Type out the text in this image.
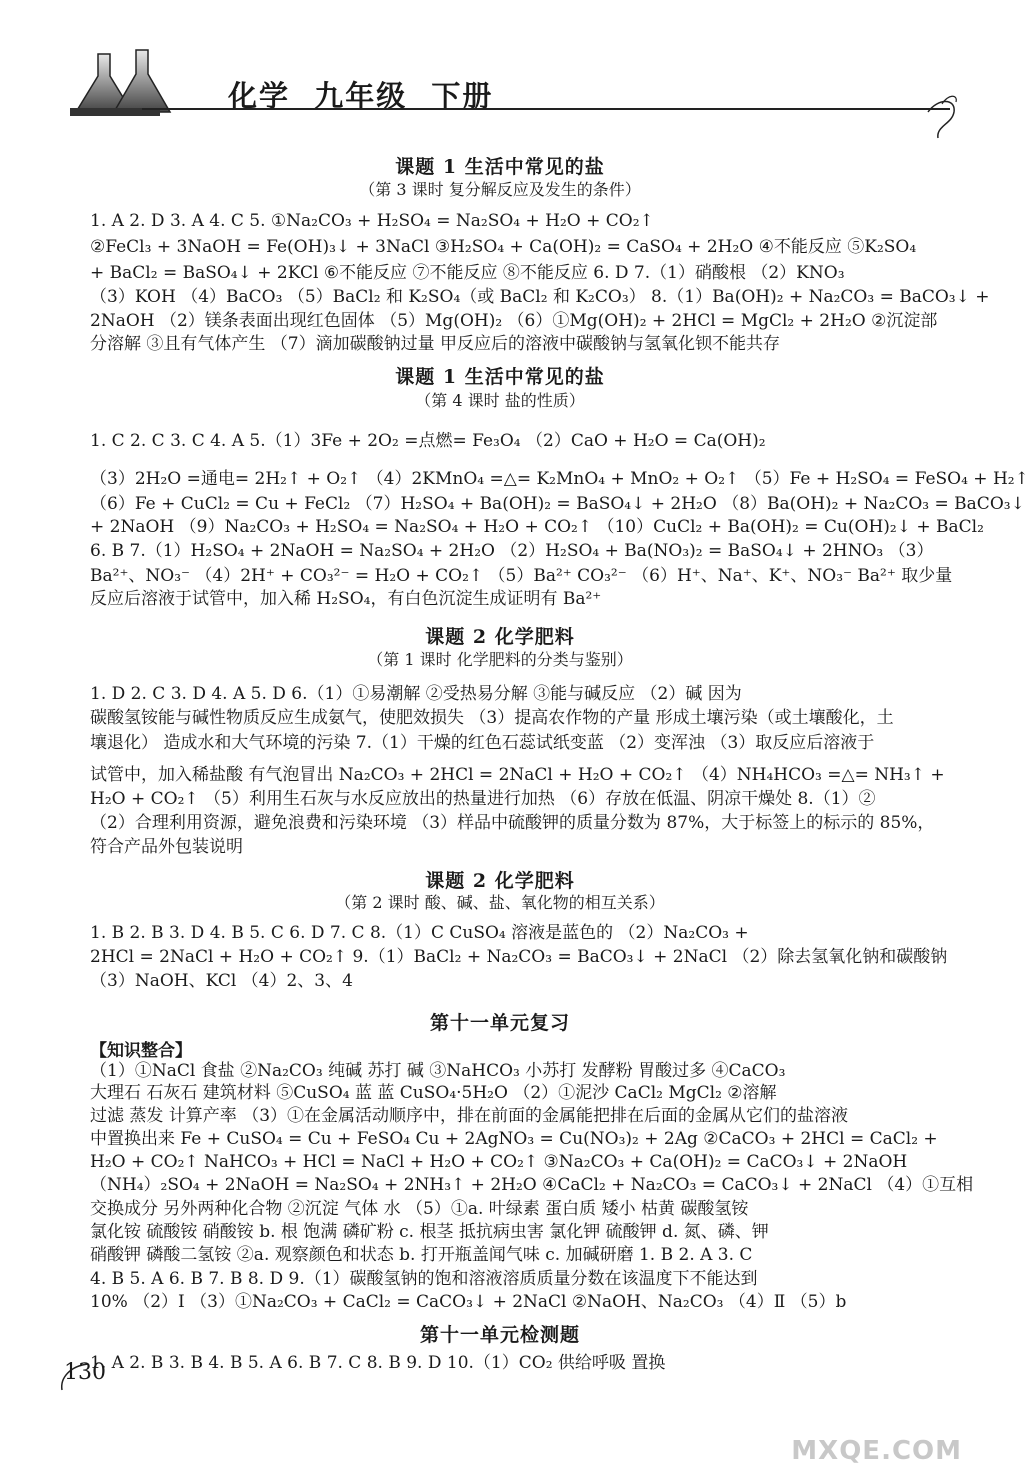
化学  九年级  下册
课题 1 生活中常见的盐
（第 3 课时 复分解反应及发生的条件）
1. A 2. D 3. A 4. C 5. ①Na₂CO₃ + H₂SO₄ = Na₂SO₄ + H₂O + CO₂↑
②FeCl₃ + 3NaOH = Fe(OH)₃↓ + 3NaCl ③H₂SO₄ + Ca(OH)₂ = CaSO₄ + 2H₂O ④不能反应 ⑤K₂SO₄
+ BaCl₂ = BaSO₄↓ + 2KCl ⑥不能反应 ⑦不能反应 ⑧不能反应 6. D 7.（1）硝酸根 （2）KNO₃
（3）KOH （4）BaCO₃ （5）BaCl₂ 和 K₂SO₄（或 BaCl₂ 和 K₂CO₃） 8.（1）Ba(OH)₂ + Na₂CO₃ = BaCO₃↓ +
2NaOH （2）镁条表面出现红色固体 （5）Mg(OH)₂ （6）①Mg(OH)₂ + 2HCl = MgCl₂ + 2H₂O ②沉淀部
分溶解 ③且有气体产生 （7）滴加碳酸钠过量 甲反应后的溶液中碳酸钠与氢氧化钡不能共存
课题 1 生活中常见的盐
（第 4 课时 盐的性质）
1. C 2. C 3. C 4. A 5.（1）3Fe + 2O₂ =点燃= Fe₃O₄ （2）CaO + H₂O = Ca(OH)₂
（3）2H₂O =通电= 2H₂↑ + O₂↑ （4）2KMnO₄ =△= K₂MnO₄ + MnO₂ + O₂↑ （5）Fe + H₂SO₄ = FeSO₄ + H₂↑
（6）Fe + CuCl₂ = Cu + FeCl₂ （7）H₂SO₄ + Ba(OH)₂ = BaSO₄↓ + 2H₂O （8）Ba(OH)₂ + Na₂CO₃ = BaCO₃↓
+ 2NaOH （9）Na₂CO₃ + H₂SO₄ = Na₂SO₄ + H₂O + CO₂↑ （10）CuCl₂ + Ba(OH)₂ = Cu(OH)₂↓ + BaCl₂
6. B 7.（1）H₂SO₄ + 2NaOH = Na₂SO₄ + 2H₂O （2）H₂SO₄ + Ba(NO₃)₂ = BaSO₄↓ + 2HNO₃ （3）
Ba²⁺、NO₃⁻ （4）2H⁺ + CO₃²⁻ = H₂O + CO₂↑ （5）Ba²⁺ CO₃²⁻ （6）H⁺、Na⁺、K⁺、NO₃⁻ Ba²⁺ 取少量
反应后溶液于试管中，加入稀 H₂SO₄，有白色沉淀生成证明有 Ba²⁺
课题 2 化学肥料
（第 1 课时 化学肥料的分类与鉴别）
1. D 2. C 3. D 4. A 5. D 6.（1）①易潮解 ②受热易分解 ③能与碱反应 （2）碱 因为
碳酸氢铵能与碱性物质反应生成氨气，使肥效损失 （3）提高农作物的产量 形成土壤污染（或土壤酸化，土
壤退化） 造成水和大气环境的污染 7.（1）干燥的红色石蕊试纸变蓝 （2）变浑浊 （3）取反应后溶液于
试管中，加入稀盐酸 有气泡冒出 Na₂CO₃ + 2HCl = 2NaCl + H₂O + CO₂↑ （4）NH₄HCO₃ =△= NH₃↑ +
H₂O + CO₂↑ （5）利用生石灰与水反应放出的热量进行加热 （6）存放在低温、阴凉干燥处 8.（1）②
（2）合理利用资源，避免浪费和污染环境 （3）样品中硫酸钾的质量分数为 87%，大于标签上的标示的 85%，
符合产品外包装说明
课题 2 化学肥料
（第 2 课时 酸、碱、盐、氧化物的相互关系）
1. B 2. B 3. D 4. B 5. C 6. D 7. C 8.（1）C CuSO₄ 溶液是蓝色的 （2）Na₂CO₃ +
2HCl = 2NaCl + H₂O + CO₂↑ 9.（1）BaCl₂ + Na₂CO₃ = BaCO₃↓ + 2NaCl （2）除去氢氧化钠和碳酸钠
（3）NaOH、KCl （4）2、3、4
第十一单元复习
【知识整合】
（1）①NaCl 食盐 ②Na₂CO₃ 纯碱 苏打 碱 ③NaHCO₃ 小苏打 发酵粉 胃酸过多 ④CaCO₃
大理石 石灰石 建筑材料 ⑤CuSO₄ 蓝 蓝 CuSO₄·5H₂O （2）①泥沙 CaCl₂ MgCl₂ ②溶解
过滤 蒸发 计算产率 （3）①在金属活动顺序中，排在前面的金属能把排在后面的金属从它们的盐溶液
中置换出来 Fe + CuSO₄ = Cu + FeSO₄ Cu + 2AgNO₃ = Cu(NO₃)₂ + 2Ag ②CaCO₃ + 2HCl = CaCl₂ +
H₂O + CO₂↑ NaHCO₃ + HCl = NaCl + H₂O + CO₂↑ ③Na₂CO₃ + Ca(OH)₂ = CaCO₃↓ + 2NaOH
（NH₄）₂SO₄ + 2NaOH = Na₂SO₄ + 2NH₃↑ + 2H₂O ④CaCl₂ + Na₂CO₃ = CaCO₃↓ + 2NaCl （4）①互相
交换成分 另外两种化合物 ②沉淀 气体 水 （5）①a. 叶绿素 蛋白质 矮小 枯黄 碳酸氢铵
氯化铵 硫酸铵 硝酸铵 b. 根 饱满 磷矿粉 c. 根茎 抵抗病虫害 氯化钾 硫酸钾 d. 氮、磷、钾
硝酸钾 磷酸二氢铵 ②a. 观察颜色和状态 b. 打开瓶盖闻气味 c. 加碱研磨 1. B 2. A 3. C
4. B 5. A 6. B 7. B 8. D 9.（1）碳酸氢钠的饱和溶液溶质质量分数在该温度下不能达到
10% （2）Ⅰ （3）①Na₂CO₃ + CaCl₂ = CaCO₃↓ + 2NaCl ②NaOH、Na₂CO₃ （4）Ⅱ （5）b
第十一单元检测题
1. A 2. B 3. B 4. B 5. A 6. B 7. C 8. B 9. D 10.（1）CO₂ 供给呼吸 置换
130
MXQE.COM
